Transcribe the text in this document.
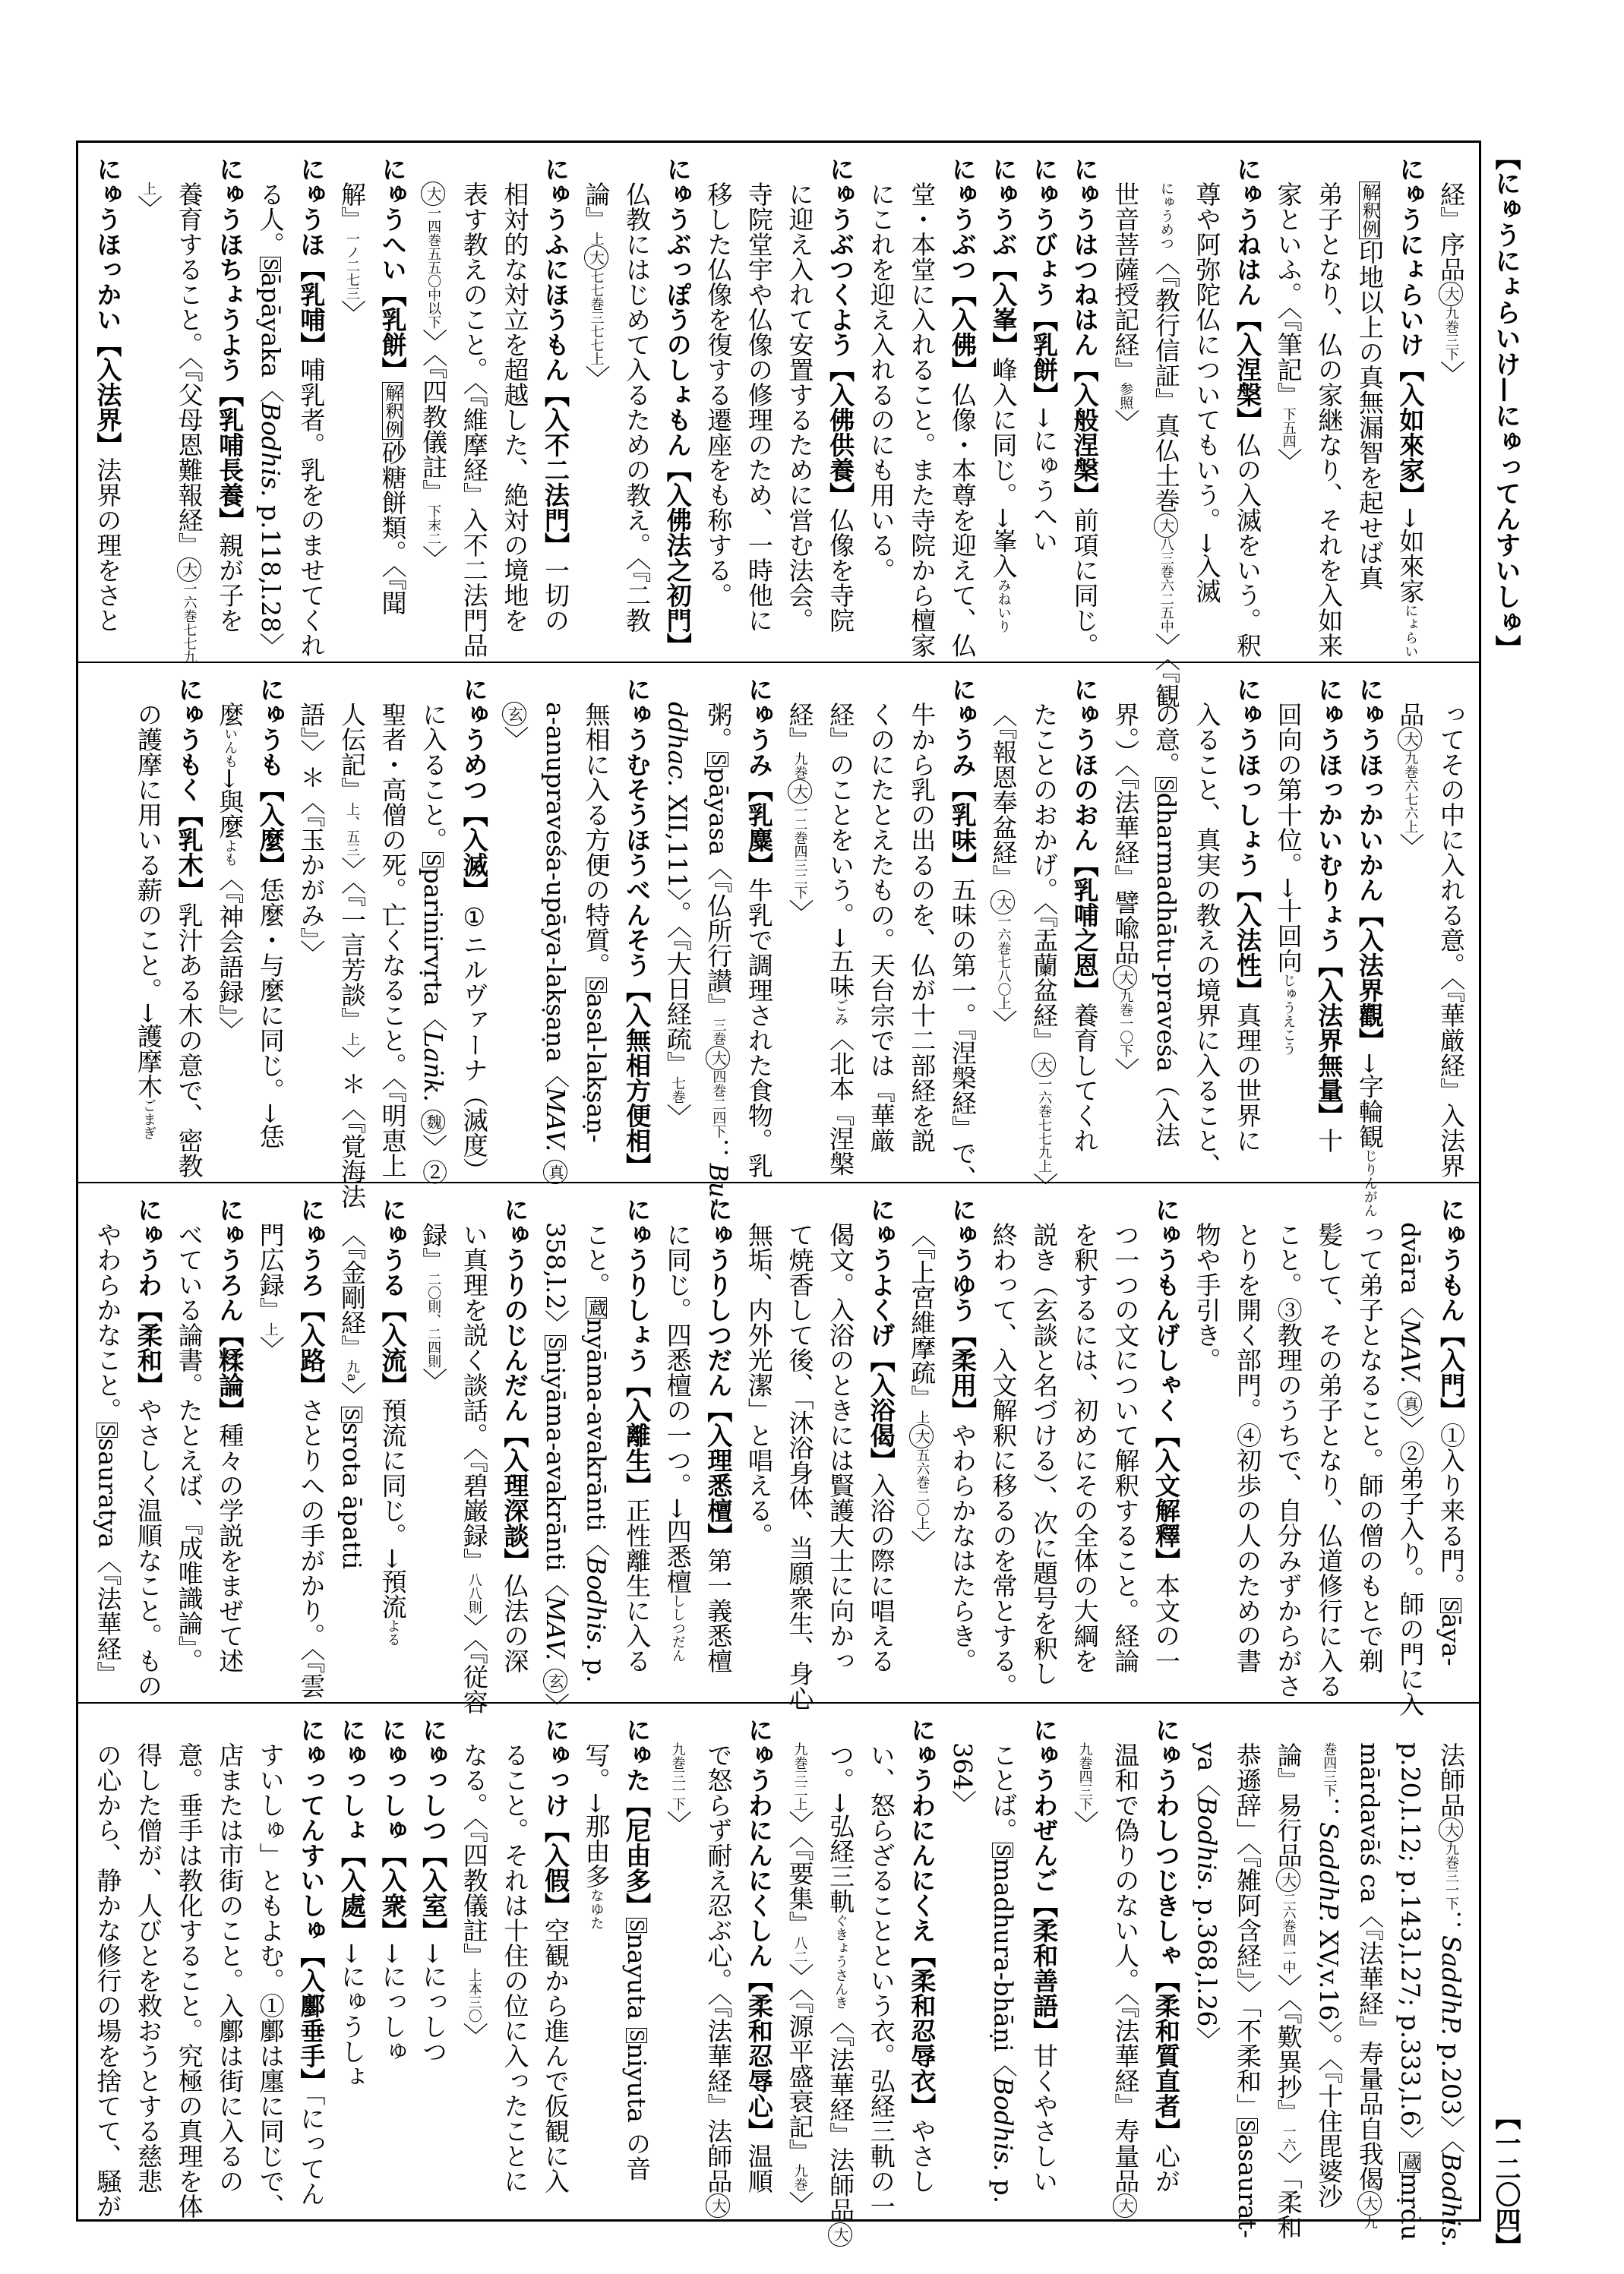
【にゅうにょらいけ—にゅってんすいしゅ】
経』序品大九巻三下〉
にゅうにょらいけ【入如來家】→如來家にょらい
解釈例印地以上の真無漏智を起せば真
弟子となり、仏の家継なり、それを入如来
家といふ。〈『筆記』下五四〉
にゅうねはん【入涅槃】仏の入滅をいう。釈
尊や阿弥陀仏についてもいう。→入滅
にゅうめつ〈『教行信証』真仏土巻大八三巻六二五中〉〈『観
世音菩薩授記経』参照〉
にゅうはつねはん【入般涅槃】前項に同じ。
にゅうびょう【乳餅】→にゅうへい
にゅうぶ【入峯】峰入に同じ。→峯入みねいり
にゅうぶつ【入佛】仏像・本尊を迎えて、仏
堂・本堂に入れること。また寺院から檀家
にこれを迎え入れるのにも用いる。
にゅうぶつくよう【入佛供養】仏像を寺院
に迎え入れて安置するために営む法会。
寺院堂宇や仏像の修理のため、一時他に
移した仏像を復する遷座をも称する。
にゅうぶっぽうのしょもん【入佛法之初門】
仏教にはじめて入るための教え。〈『二教
論』上大七七巻三七七上〉
にゅうふにほうもん【入不二法門】一切の
相対的な対立を超越した、絶対の境地を
表す教えのこと。〈『維摩経』入不二法門品
大一四巻五五〇中以下〉〈『四教儀註』下末二〉
にゅうへい【乳餅】解釈例砂糖餅類。〈『聞
解』一ノ二七三〉
にゅうほ【乳哺】哺乳者。乳をのませてくれ
る人。Sāpāyaka〈Bodhis. p.118,l.28〉
にゅうほちょうよう【乳哺長養】親が子を
養育すること。〈『父母恩難報経』大一六巻七七九
上〉
にゅうほっかい【入法界】法界の理をさと
ってその中に入れる意。〈『華厳経』入法界
品大九巻六七六上〉
にゅうほっかいかん【入法界觀】→字輪観じりんがん
にゅうほっかいむりょう【入法界無量】十
回向の第十位。→十回向じゅうえこう
にゅうほっしょう【入法性】真理の世界に
入ること、真実の教えの境界に入ること、
の意。Sdharmadhātu-praveśa（入法
界。）〈『法華経』譬喩品大九巻一〇下〉
にゅうほのおん【乳哺之恩】養育してくれ
たことのおかげ。〈『盂蘭盆経』大一六巻七七九上〉
〈『報恩奉盆経』大一六巻七八〇上〉
にゅうみ【乳味】五味の第一。『涅槃経』で、
牛から乳の出るのを、仏が十二部経を説
くのにたとえたもの。天台宗では『華厳
経』のことをいう。→五味ごみ〈北本『涅槃
経』九巻大一二巻四三二下〉
にゅうみ【乳麋】牛乳で調理された食物。乳
粥。Spāyasa〈『仏所行讃』三巻大四巻二四下：Bu-
ddhac. XII,111〉。〈『大日経疏』七巻〉
にゅうむそうほうべんそう【入無相方便相】
無相に入る方便の特質。Sasal-lakṣaṇ-
a-anupraveśa-upāya-lakṣaṇa〈MAV. 真
玄〉
にゅうめつ【入滅】①ニルヴァーナ（滅度）
に入ること。Sparinirvṛta〈Laṅk. 魏〉②
聖者・高僧の死。亡くなること。〈『明恵上
人伝記』上、五三〉〈『一言芳談』上〉＊〈『覚海法
語』〉＊〈『玉かがみ』〉
にゅうも【入麼】恁麼・与麼に同じ。→恁
麼いんも→與麼よも〈『神会語録』〉
にゅうもく【乳木】乳汁ある木の意で、密教
の護摩に用いる薪のこと。→護摩木ごまぎ
にゅうもん【入門】①入り来る門。Sāya-
dvāra〈MAV. 真〉②弟子入り。師の門に入
って弟子となること。師の僧のもとで剃
髪して、その弟子となり、仏道修行に入る
こと。③教理のうちで、自分みずからがさ
とりを開く部門。④初歩の人のための書
物や手引き。
にゅうもんげしゃく【入文解釋】本文の一
つ一つの文について解釈すること。経論
を釈するには、初めにその全体の大綱を
説き（玄談と名づける）、次に題号を釈し
終わって、入文解釈に移るのを常とする。
にゅうゆう【柔用】やわらかなはたらき。
〈『上宮維摩疏』上大五六巻二〇上〉
にゅうよくげ【入浴偈】入浴の際に唱える
偈文。入浴のときには賢護大士に向かっ
て焼香して後、「沐浴身体、当願衆生、身心
無垢、内外光潔」と唱える。
にゅうりしつだん【入理悉檀】第一義悉檀
に同じ。四悉檀の一つ。→四悉檀ししつだん
にゅうりしょう【入離生】正性離生に入る
こと。蔵nyāma-avakrānti〈Bodhis. p.
358,l.2〉Sniyāma-avakrānti〈MAV. 玄〉
にゅうりのじんだん【入理深談】仏法の深
い真理を説く談話。〈『碧巌録』八八則〉〈『従容
録』二〇則、二四則〉
にゅうる【入流】預流に同じ。→預流よる
〈『金剛経』九a〉Ssrota āpatti
にゅうろ【入路】さとりへの手がかり。〈『雲
門広録』上〉
にゅうろん【糅論】種々の学説をまぜて述
べている論書。たとえば、『成唯識論』。
にゅうわ【柔和】やさしく温順なこと。もの
やわらかなこと。Ssauratya〈『法華経』
法師品大九巻三一下：SaddhP. p.203〉〈Bodhis.
p.20,l.12; p.143,l.27; p.333,l.6〉蔵mṛdu
mārdavāś ca〈『法華経』寿量品自我偈大九
巻四三下：SaddhP. XV,v.16〉。〈『十住毘婆沙
論』易行品大二六巻四一中〉〈『歎異抄』一六〉「柔和
恭遜辞」〈『雑阿含経』〉「不柔和」Sasaurat-
ya〈Bodhis. p.368,l.26〉
にゅうわしつじきしゃ【柔和質直者】心が
温和で偽りのない人。〈『法華経』寿量品大
九巻四三下〉
にゅうわぜんご【柔和善語】甘くやさしい
ことば。Smadhura-bhāṇi〈Bodhis. p.
364〉
にゅうわにんにくえ【柔和忍辱衣】やさし
い、怒らざることという衣。弘経三軌の一
つ。→弘経三軌ぐきょうさんき〈『法華経』法師品大
九巻三二上〉〈『要集』八二〉〈『源平盛衰記』九巻〉
にゅうわにんにくしん【柔和忍辱心】温順
で怒らず耐え忍ぶ心。〈『法華経』法師品大
九巻三一下〉
にゅた【尼由多】Snayuta Sniyuta の音
写。→那由多なゆた
にゅっけ【入假】空観から進んで仮観に入
ること。それは十住の位に入ったことに
なる。〈『四教儀註』上本三〇〉
にゅっしつ【入室】→にっしつ
にゅっしゅ【入衆】→にっしゅ
にゅっしょ【入處】→にゅうしょ
にゅってんすいしゅ【入鄽垂手】「にってん
すいしゅ」ともよむ。①鄽は廛に同じで、
店または市街のこと。入鄽は街に入るの
意。垂手は教化すること。究極の真理を体
得した僧が、人びとを救おうとする慈悲
の心から、静かな修行の場を捨てて、騒が	【一二〇四】
